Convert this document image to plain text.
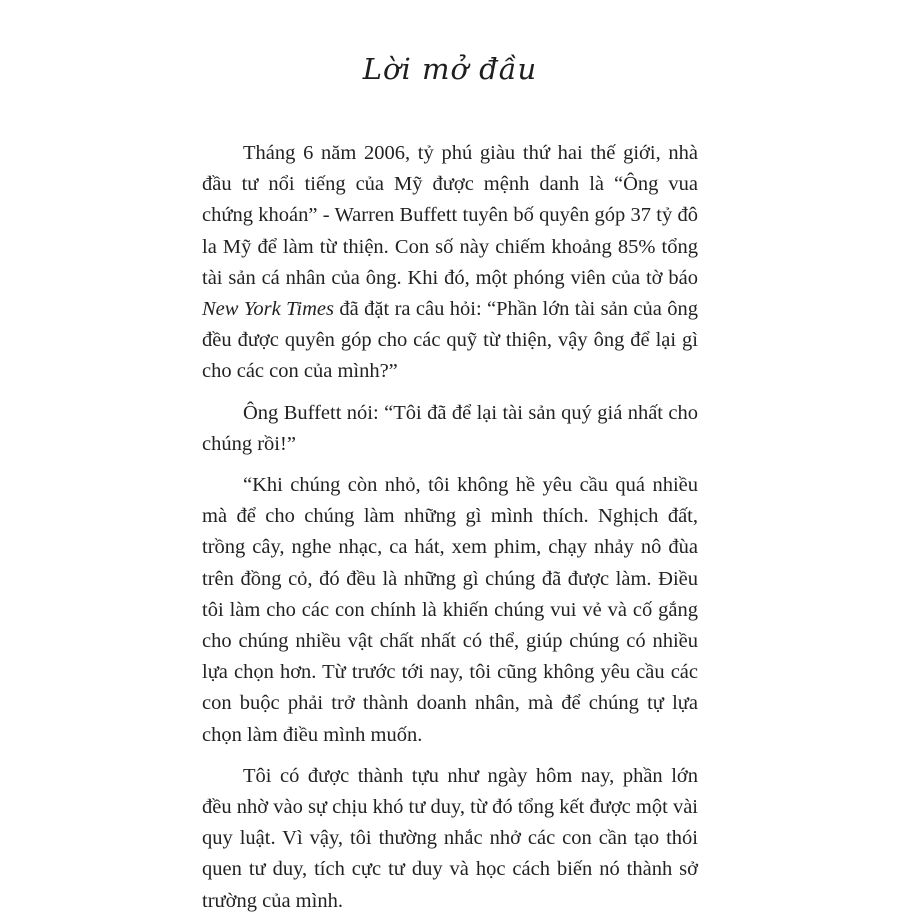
Lời mở đầu

Tháng 6 năm 2006, tỷ phú giàu thứ hai thế giới, nhà đầu tư nổi tiếng của Mỹ được mệnh danh là “Ông vua chứng khoán” - Warren Buffett tuyên bố quyên góp 37 tỷ đô la Mỹ để làm từ thiện. Con số này chiếm khoảng 85% tổng tài sản cá nhân của ông. Khi đó, một phóng viên của tờ báo New York Times đã đặt ra câu hỏi: “Phần lớn tài sản của ông đều được quyên góp cho các quỹ từ thiện, vậy ông để lại gì cho các con của mình?”

Ông Buffett nói: “Tôi đã để lại tài sản quý giá nhất cho chúng rồi!”

“Khi chúng còn nhỏ, tôi không hề yêu cầu quá nhiều mà để cho chúng làm những gì mình thích. Nghịch đất, trồng cây, nghe nhạc, ca hát, xem phim, chạy nhảy nô đùa trên đồng cỏ, đó đều là những gì chúng đã được làm. Điều tôi làm cho các con chính là khiến chúng vui vẻ và cố gắng cho chúng nhiều vật chất nhất có thể, giúp chúng có nhiều lựa chọn hơn. Từ trước tới nay, tôi cũng không yêu cầu các con buộc phải trở thành doanh nhân, mà để chúng tự lựa chọn làm điều mình muốn.

Tôi có được thành tựu như ngày hôm nay, phần lớn đều nhờ vào sự chịu khó tư duy, từ đó tổng kết được một vài quy luật. Vì vậy, tôi thường nhắc nhở các con cần tạo thói quen tư duy, tích cực tư duy và học cách biến nó thành sở trường của mình.
